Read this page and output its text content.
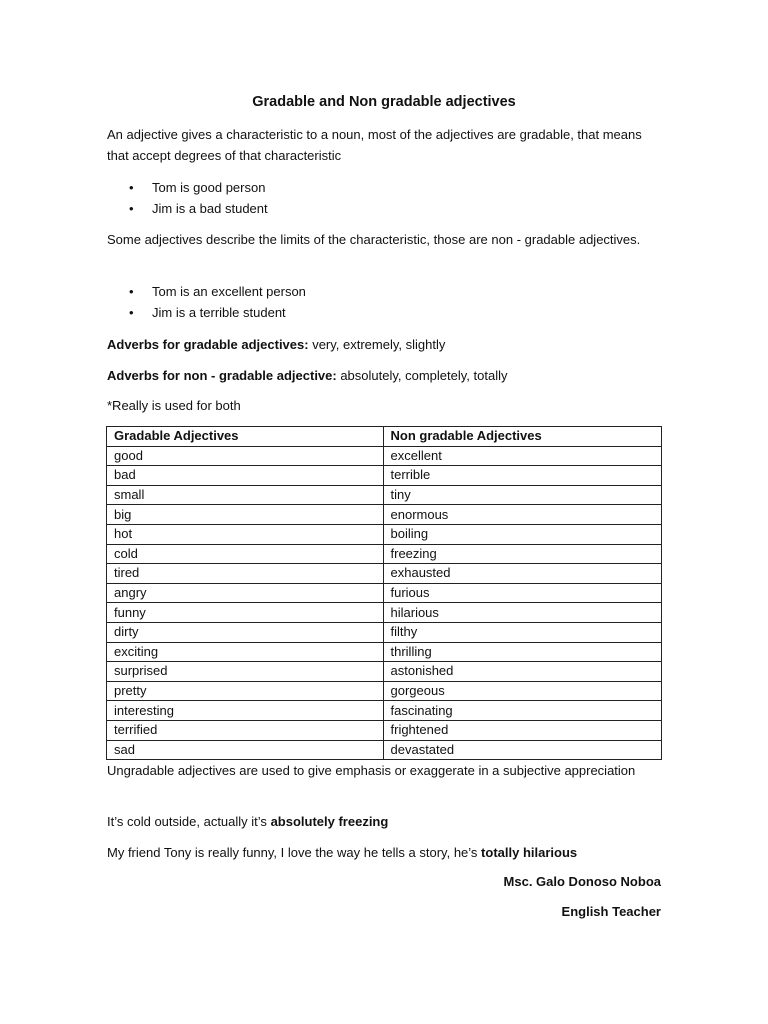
Gradable and Non gradable adjectives

An adjective gives a characteristic to a noun, most of the adjectives are gradable, that means that accept degrees of that characteristic

• Tom is good person
• Jim is a bad student

Some adjectives describe the limits of the characteristic, those are non - gradable adjectives.

• Tom is an excellent person
• Jim is a terrible student

Adverbs for gradable adjectives: very, extremely, slightly

Adverbs for non - gradable adjective: absolutely, completely, totally

*Really is used for both

Gradable Adjectives	Non gradable Adjectives
good	excellent
bad	terrible
small	tiny
big	enormous
hot	boiling
cold	freezing
tired	exhausted
angry	furious
funny	hilarious
dirty	filthy
exciting	thrilling
surprised	astonished
pretty	gorgeous
interesting	fascinating
terrified	frightened
sad	devastated

Ungradable adjectives are used to give emphasis or exaggerate in a subjective appreciation

It’s cold outside, actually it’s absolutely freezing

My friend Tony is really funny, I love the way he tells a story, he’s totally hilarious

Msc. Galo Donoso Noboa

English Teacher
